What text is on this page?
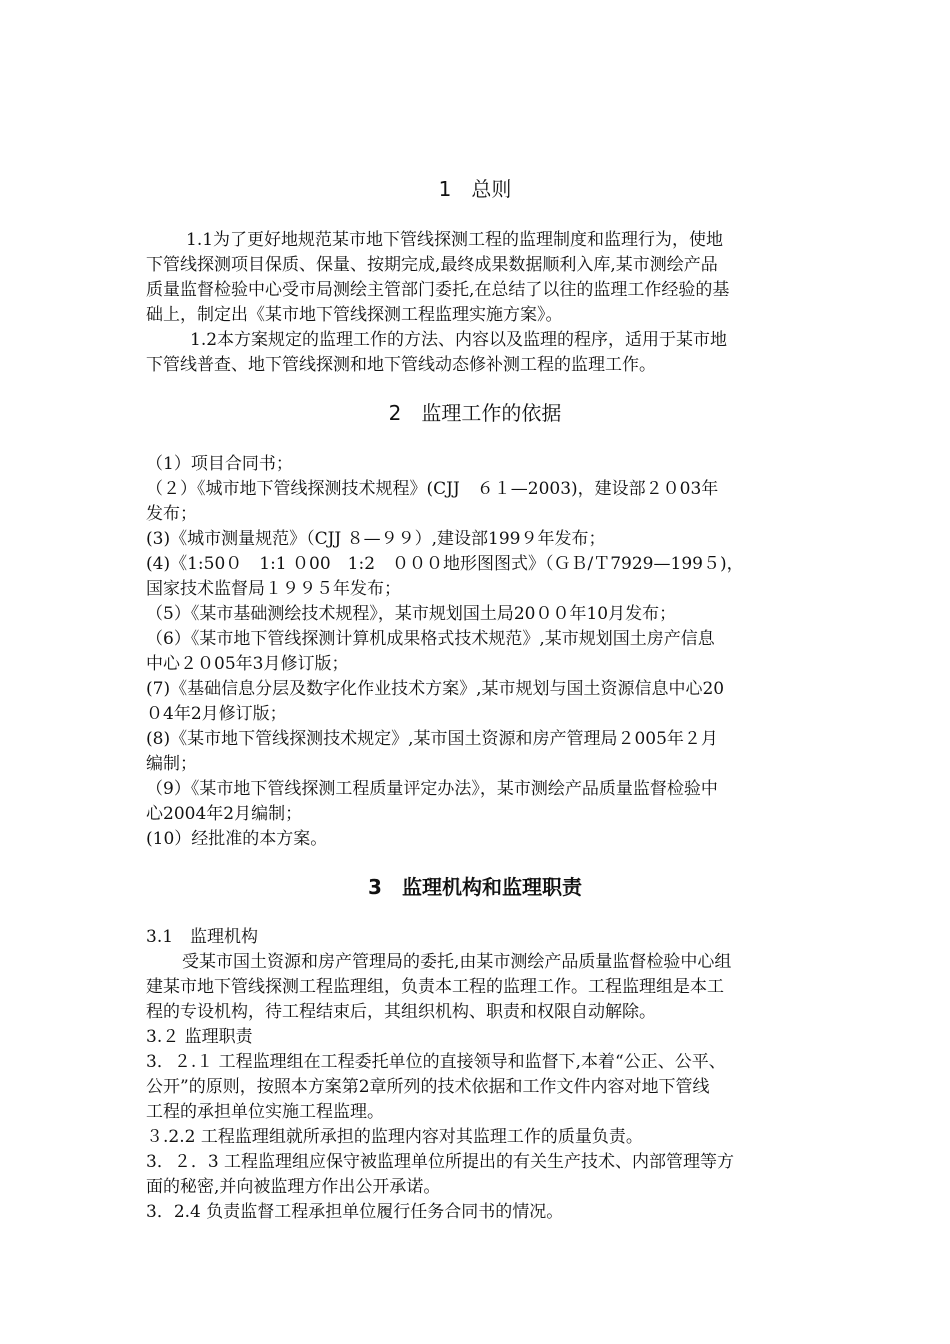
1　总则
1.1为了更好地规范某市地下管线探测工程的监理制度和监理行为，使地
下管线探测项目保质、保量、按期完成,最终成果数据顺利入库,某市测绘产品
质量监督检验中心受市局测绘主管部门委托,在总结了以往的监理工作经验的基
础上，制定出《某市地下管线探测工程监理实施方案》。
1.2本方案规定的监理工作的方法、内容以及监理的程序，适用于某市地
下管线普查、地下管线探测和地下管线动态修补测工程的监理工作。
2　监理工作的依据
（1）项目合同书；
（２）《城市地下管线探测技术规程》(CJJ　６１—2003)，建设部２０03年
发布；
(3)《城市测量规范》（CJJ ８—９９）,建设部199９年发布；
(4)《1:50０　1:1 ０00　1:2　０００地形图图式》（ＧＢ/Ｔ7929—199５)，
国家技术监督局１９９５年发布；
（5）《某市基础测绘技术规程》，某市规划国土局20００年10月发布；
（6）《某市地下管线探测计算机成果格式技术规范》,某市规划国土房产信息
中心２０05年3月修订版；
(7)《基础信息分层及数字化作业技术方案》,某市规划与国土资源信息中心20
０4年2月修订版；
(8)《某市地下管线探测技术规定》,某市国土资源和房产管理局２005年２月
编制；
（9）《某市地下管线探测工程质量评定办法》，某市测绘产品质量监督检验中
心2004年2月编制；
(10）经批准的本方案。
3　监理机构和监理职责
3.1　监理机构
受某市国土资源和房产管理局的委托,由某市测绘产品质量监督检验中心组
建某市地下管线探测工程监理组，负责本工程的监理工作。工程监理组是本工
程的专设机构，待工程结束后，其组织机构、职责和权限自动解除。
3.２ 监理职责
3．２.１ 工程监理组在工程委托单位的直接领导和监督下,本着“公正、公平、
公开”的原则，按照本方案第2章所列的技术依据和工作文件内容对地下管线
工程的承担单位实施工程监理。
３.2.2 工程监理组就所承担的监理内容对其监理工作的质量负责。
3．２．3 工程监理组应保守被监理单位所提出的有关生产技术、内部管理等方
面的秘密,并向被监理方作出公开承诺。
3．2.4 负责监督工程承担单位履行任务合同书的情况。
